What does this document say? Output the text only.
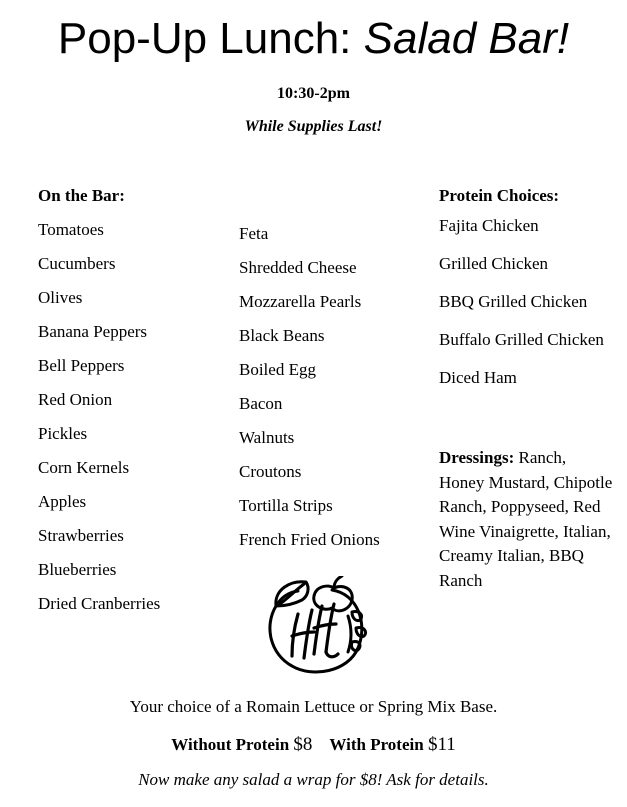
Pop-Up Lunch: Salad Bar!
10:30-2pm
While Supplies Last!
On the Bar:
Tomatoes
Cucumbers
Olives
Banana Peppers
Bell Peppers
Red Onion
Pickles
Corn Kernels
Apples
Strawberries
Blueberries
Dried Cranberries
Feta
Shredded Cheese
Mozzarella Pearls
Black Beans
Boiled Egg
Bacon
Walnuts
Croutons
Tortilla Strips
French Fried Onions
Protein Choices:
Fajita Chicken
Grilled Chicken
BBQ Grilled Chicken
Buffalo Grilled Chicken
Diced Ham
Dressings: Ranch, Honey Mustard, Chipotle Ranch, Poppyseed, Red Wine Vinaigrette, Italian, Creamy Italian, BBQ Ranch
Your choice of a Romain Lettuce or Spring Mix Base.
Without Protein $8 With Protein $11
Now make any salad a wrap for $8! Ask for details.
